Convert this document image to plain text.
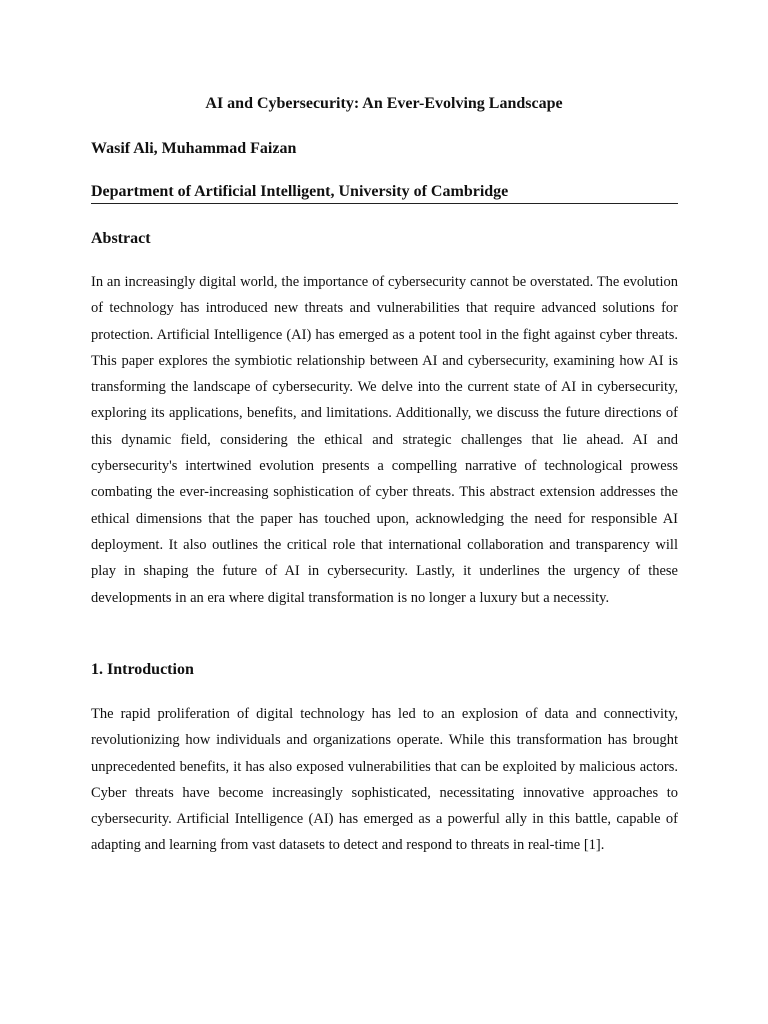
AI and Cybersecurity: An Ever-Evolving Landscape

Wasif Ali, Muhammad Faizan

Department of Artificial Intelligent, University of Cambridge

Abstract

In an increasingly digital world, the importance of cybersecurity cannot be overstated. The evolution of technology has introduced new threats and vulnerabilities that require advanced solutions for protection. Artificial Intelligence (AI) has emerged as a potent tool in the fight against cyber threats. This paper explores the symbiotic relationship between AI and cybersecurity, examining how AI is transforming the landscape of cybersecurity. We delve into the current state of AI in cybersecurity, exploring its applications, benefits, and limitations. Additionally, we discuss the future directions of this dynamic field, considering the ethical and strategic challenges that lie ahead. AI and cybersecurity's intertwined evolution presents a compelling narrative of technological prowess combating the ever-increasing sophistication of cyber threats. This abstract extension addresses the ethical dimensions that the paper has touched upon, acknowledging the need for responsible AI deployment. It also outlines the critical role that international collaboration and transparency will play in shaping the future of AI in cybersecurity. Lastly, it underlines the urgency of these developments in an era where digital transformation is no longer a luxury but a necessity.

1. Introduction

The rapid proliferation of digital technology has led to an explosion of data and connectivity, revolutionizing how individuals and organizations operate. While this transformation has brought unprecedented benefits, it has also exposed vulnerabilities that can be exploited by malicious actors. Cyber threats have become increasingly sophisticated, necessitating innovative approaches to cybersecurity. Artificial Intelligence (AI) has emerged as a powerful ally in this battle, capable of adapting and learning from vast datasets to detect and respond to threats in real-time [1].
